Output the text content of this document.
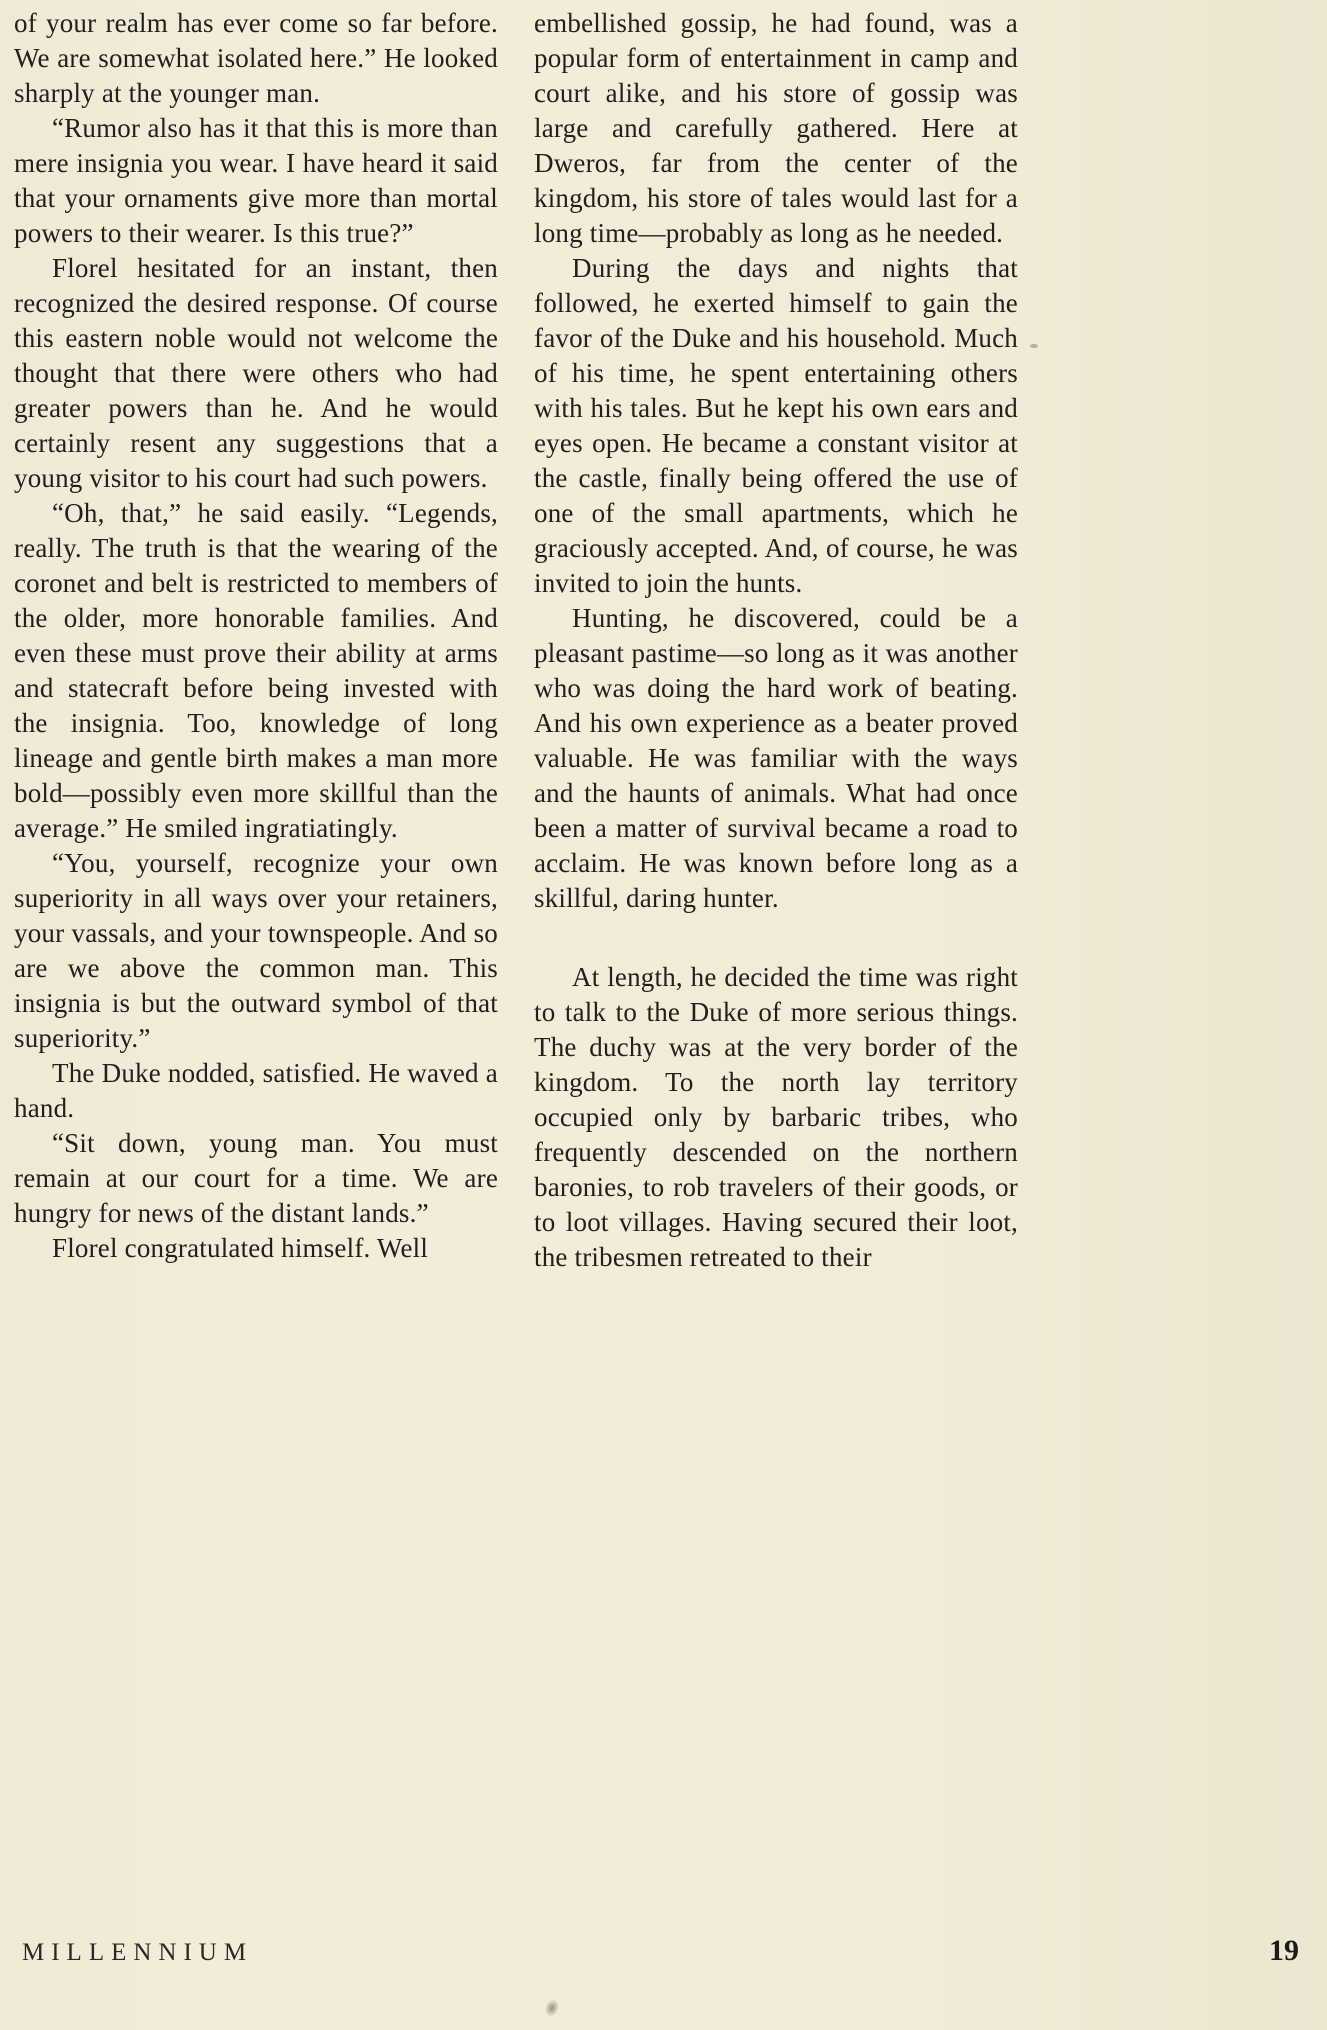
of your realm has ever come so far before. We are somewhat isolated here.” He looked sharply at the younger man.

“Rumor also has it that this is more than mere insignia you wear. I have heard it said that your ornaments give more than mortal powers to their wearer. Is this true?”

Florel hesitated for an instant, then recognized the desired response. Of course this eastern noble would not welcome the thought that there were others who had greater powers than he. And he would certainly resent any suggestions that a young visitor to his court had such powers.

“Oh, that,” he said easily. “Legends, really. The truth is that the wearing of the coronet and belt is restricted to members of the older, more honorable families. And even these must prove their ability at arms and statecraft before being invested with the insignia. Too, knowledge of long lineage and gentle birth makes a man more bold—possibly even more skillful than the average.” He smiled ingratiatingly.

“You, yourself, recognize your own superiority in all ways over your retainers, your vassals, and your townspeople. And so are we above the common man. This insignia is but the outward symbol of that superiority.”

The Duke nodded, satisfied. He waved a hand.

“Sit down, young man. You must remain at our court for a time. We are hungry for news of the distant lands.”

Florel congratulated himself. Well

embellished gossip, he had found, was a popular form of entertainment in camp and court alike, and his store of gossip was large and carefully gathered. Here at Dweros, far from the center of the kingdom, his store of tales would last for a long time—probably as long as he needed.

During the days and nights that followed, he exerted himself to gain the favor of the Duke and his household. Much of his time, he spent entertaining others with his tales. But he kept his own ears and eyes open. He became a constant visitor at the castle, finally being offered the use of one of the small apartments, which he graciously accepted. And, of course, he was invited to join the hunts.

Hunting, he discovered, could be a pleasant pastime—so long as it was another who was doing the hard work of beating. And his own experience as a beater proved valuable. He was familiar with the ways and the haunts of animals. What had once been a matter of survival became a road to acclaim. He was known before long as a skillful, daring hunter.

At length, he decided the time was right to talk to the Duke of more serious things. The duchy was at the very border of the kingdom. To the north lay territory occupied only by barbaric tribes, who frequently descended on the northern baronies, to rob travelers of their goods, or to loot villages. Having secured their loot, the tribesmen retreated to their

MILLENNIUM	19
